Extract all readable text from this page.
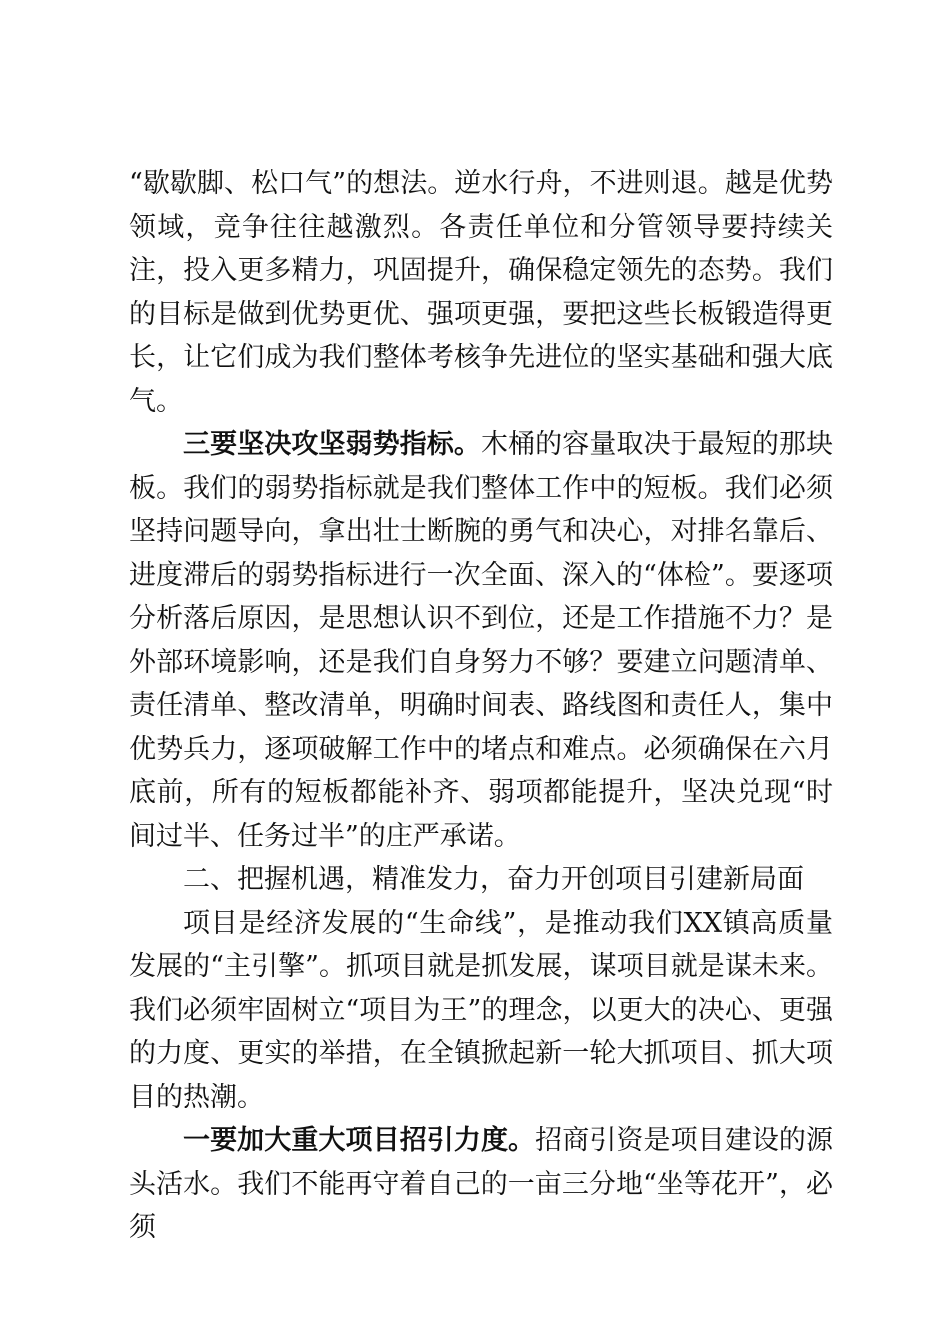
“歇歇脚、松口气”的想法。逆水行舟，不进则退。越是优势领域，竞争往往越激烈。各责任单位和分管领导要持续关注，投入更多精力，巩固提升，确保稳定领先的态势。我们的目标是做到优势更优、强项更强，要把这些长板锻造得更长，让它们成为我们整体考核争先进位的坚实基础和强大底气。

三要坚决攻坚弱势指标。木桶的容量取决于最短的那块板。我们的弱势指标就是我们整体工作中的短板。我们必须坚持问题导向，拿出壮士断腕的勇气和决心，对排名靠后、进度滞后的弱势指标进行一次全面、深入的“体检”。要逐项分析落后原因，是思想认识不到位，还是工作措施不力？是外部环境影响，还是我们自身努力不够？要建立问题清单、责任清单、整改清单，明确时间表、路线图和责任人，集中优势兵力，逐项破解工作中的堵点和难点。必须确保在六月底前，所有的短板都能补齐、弱项都能提升，坚决兑现“时间过半、任务过半”的庄严承诺。

二、把握机遇，精准发力，奋力开创项目引建新局面

项目是经济发展的“生命线”，是推动我们XX镇高质量发展的“主引擎”。抓项目就是抓发展，谋项目就是谋未来。我们必须牢固树立“项目为王”的理念，以更大的决心、更强的力度、更实的举措，在全镇掀起新一轮大抓项目、抓大项目的热潮。

一要加大重大项目招引力度。招商引资是项目建设的源头活水。我们不能再守着自己的一亩三分地“坐等花开”，必须
